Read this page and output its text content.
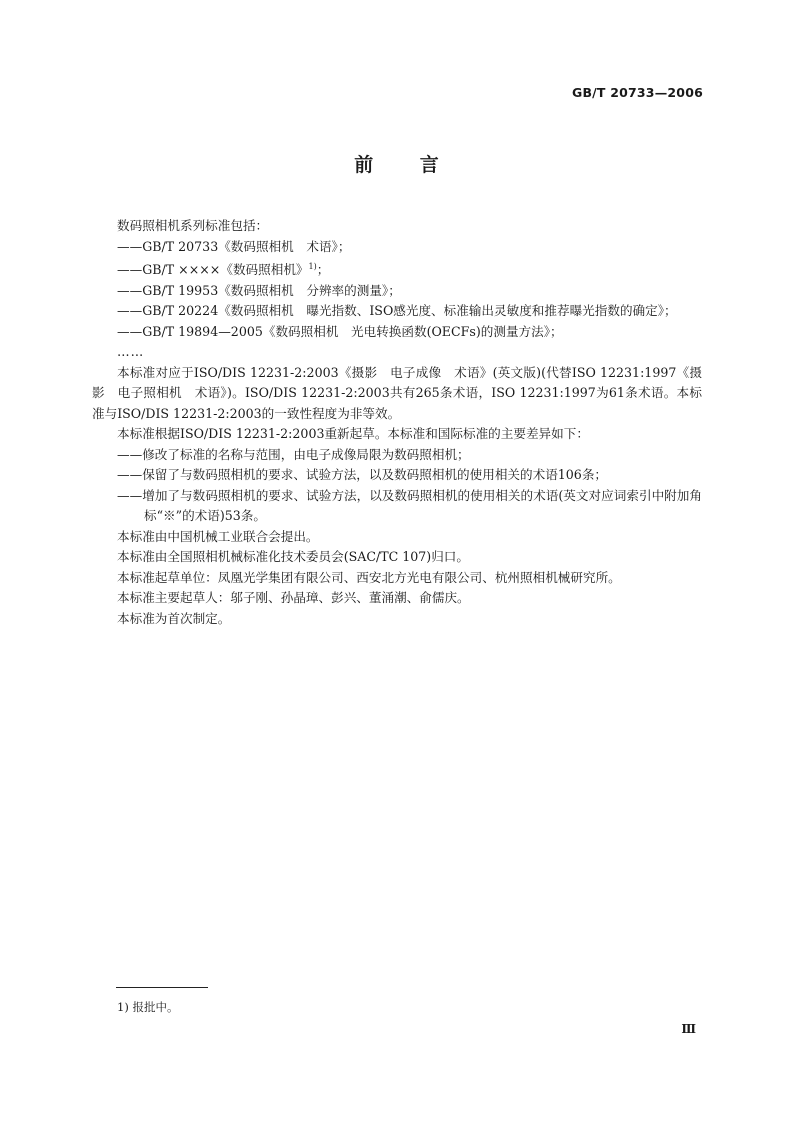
GB/T 20733—2006
前 言

数码照相机系列标准包括：

——GB/T 20733《数码照相机　术语》；

——GB/T ××××《数码照相机》$^{1)}$；

——GB/T 19953《数码照相机　分辨率的测量》；

——GB/T 20224《数码照相机　曝光指数、ISO感光度、标准输出灵敏度和推荐曝光指数的确定》；

——GB/T 19894—2005《数码照相机　光电转换函数(OECFs)的测量方法》；

……

本标准对应于ISO/DIS 12231-2:2003《摄影　电子成像　术语》(英文版)(代替ISO 12231:1997《摄影　电子照相机　术语》)。ISO/DIS 12231-2:2003共有265条术语，ISO 12231:1997为61条术语。本标准与ISO/DIS 12231-2:2003的一致性程度为非等效。

本标准根据ISO/DIS 12231-2:2003重新起草。本标准和国际标准的主要差异如下：

——修改了标准的名称与范围，由电子成像局限为数码照相机；

——保留了与数码照相机的要求、试验方法，以及数码照相机的使用相关的术语106条；

——增加了与数码照相机的要求、试验方法，以及数码照相机的使用相关的术语(英文对应词索引中附加角标“※”的术语)53条。

本标准由中国机械工业联合会提出。

本标准由全国照相机械标准化技术委员会(SAC/TC 107)归口。

本标准起草单位：凤凰光学集团有限公司、西安北方光电有限公司、杭州照相机械研究所。

本标准主要起草人：邬子刚、孙晶璋、彭兴、董涌潮、俞儒庆。

本标准为首次制定。

1) 报批中。
Ⅲ
